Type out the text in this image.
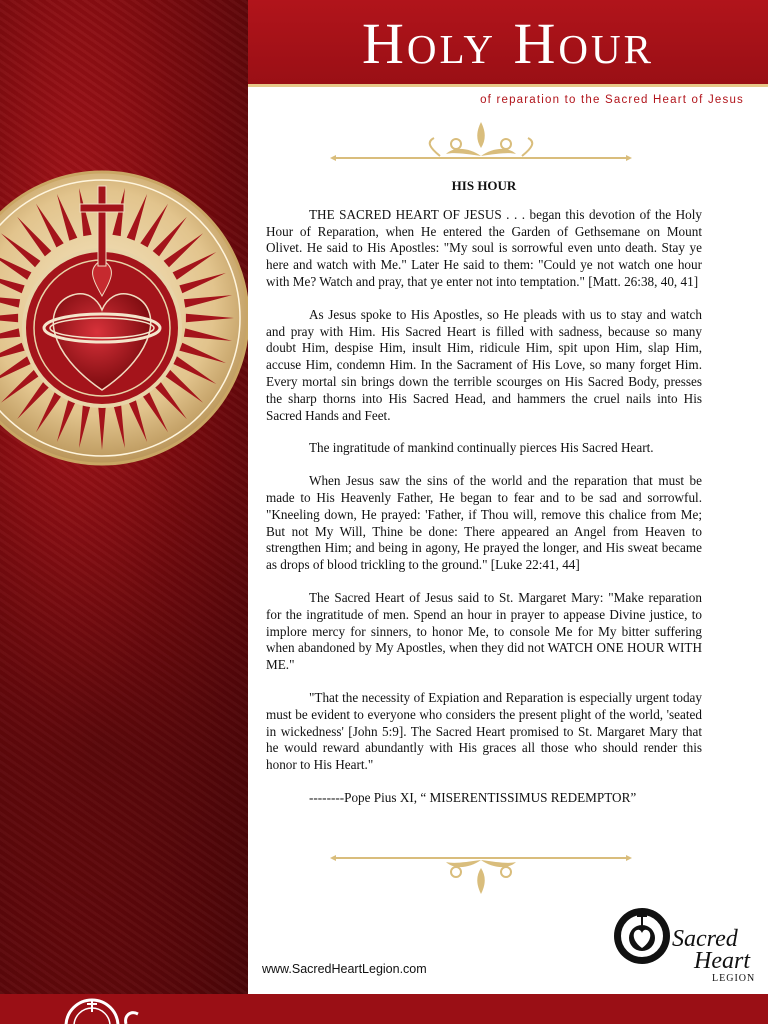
Holy Hour
of reparation to the Sacred Heart of Jesus
HIS HOUR

THE SACRED HEART OF JESUS . . . began this devotion of the Holy Hour of Reparation, when He entered the Garden of Gethsemane on Mount Olivet. He said to His Apostles: "My soul is sorrowful even unto death. Stay ye here and watch with Me." Later He said to them: "Could ye not watch one hour with Me? Watch and pray, that ye enter not into temptation." [Matt. 26:38, 40, 41]

As Jesus spoke to His Apostles, so He pleads with us to stay and watch and pray with Him. His Sacred Heart is filled with sadness, because so many doubt Him, despise Him, insult Him, ridicule Him, spit upon Him, slap Him, accuse Him, condemn Him. In the Sacrament of His Love, so many forget Him. Every mortal sin brings down the terrible scourges on His Sacred Body, presses the sharp thorns into His Sacred Head, and hammers the cruel nails into His Sacred Hands and Feet.

The ingratitude of mankind continually pierces His Sacred Heart.

When Jesus saw the sins of the world and the reparation that must be made to His Heavenly Father, He began to fear and to be sad and sorrowful. "Kneeling down, He prayed: 'Father, if Thou will, remove this chalice from Me; But not My Will, Thine be done: There appeared an Angel from Heaven to strengthen Him; and being in agony, He prayed the longer, and His sweat became as drops of blood trickling to the ground." [Luke 22:41, 44]

The Sacred Heart of Jesus said to St. Margaret Mary: "Make reparation for the ingratitude of men. Spend an hour in prayer to appease Divine justice, to implore mercy for sinners, to honor Me, to console Me for My bitter suffering when abandoned by My Apostles, when they did not WATCH ONE HOUR WITH ME."

"That the necessity of Expiation and Reparation is especially urgent today must be evident to everyone who considers the present plight of the world, 'seated in wickedness' [John 5:9]. The Sacred Heart promised to St. Margaret Mary that he would reward abundantly with His graces all those who should render this honor to His Heart."

--------Pope Pius XI, “ MISERENTISSIMUS REDEMPTOR”

Sacred
Heart
LEGION
www.SacredHeartLegion.com
